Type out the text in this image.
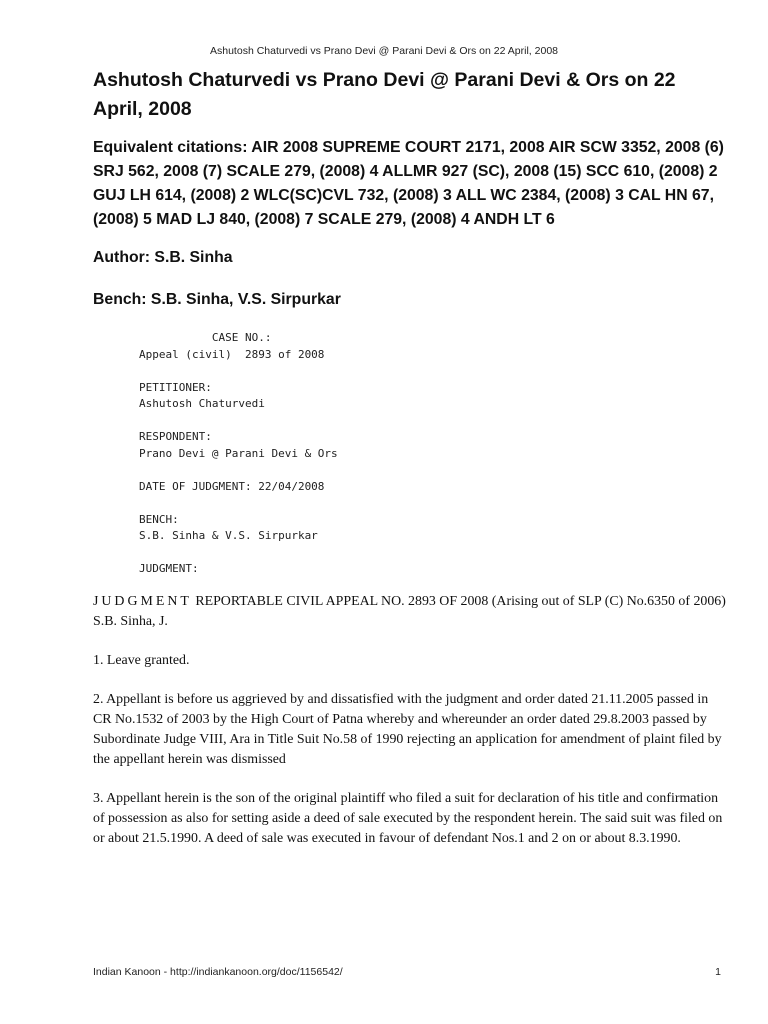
Ashutosh Chaturvedi vs Prano Devi @ Parani Devi & Ors on 22 April, 2008
Ashutosh Chaturvedi vs Prano Devi @ Parani Devi & Ors on 22 April, 2008
Equivalent citations: AIR 2008 SUPREME COURT 2171, 2008 AIR SCW 3352, 2008 (6) SRJ 562, 2008 (7) SCALE 279, (2008) 4 ALLMR 927 (SC), 2008 (15) SCC 610, (2008) 2 GUJ LH 614, (2008) 2 WLC(SC)CVL 732, (2008) 3 ALL WC 2384, (2008) 3 CAL HN 67, (2008) 5 MAD LJ 840, (2008) 7 SCALE 279, (2008) 4 ANDH LT 6
Author: S.B. Sinha
Bench: S.B. Sinha, V.S. Sirpurkar
CASE NO.:
Appeal (civil)  2893 of 2008

PETITIONER:
Ashutosh Chaturvedi

RESPONDENT:
Prano Devi @ Parani Devi & Ors

DATE OF JUDGMENT: 22/04/2008

BENCH:
S.B. Sinha & V.S. Sirpurkar

JUDGMENT:

JUDGMENT REPORTABLE CIVIL APPEAL NO. 2893 OF 2008 (Arising out of SLP (C) No.6350 of 2006) S.B. Sinha, J.

1. Leave granted.

2. Appellant is before us aggrieved by and dissatisfied with the judgment and order dated 21.11.2005 passed in CR No.1532 of 2003 by the High Court of Patna whereby and whereunder an order dated 29.8.2003 passed by Subordinate Judge VIII, Ara in Title Suit No.58 of 1990 rejecting an application for amendment of plaint filed by the appellant herein was dismissed

3. Appellant herein is the son of the original plaintiff who filed a suit for declaration of his title and confirmation of possession as also for setting aside a deed of sale executed by the respondent herein. The said suit was filed on or about 21.5.1990. A deed of sale was executed in favour of defendant Nos.1 and 2 on or about 8.3.1990.

Indian Kanoon - http://indiankanoon.org/doc/1156542/	1
